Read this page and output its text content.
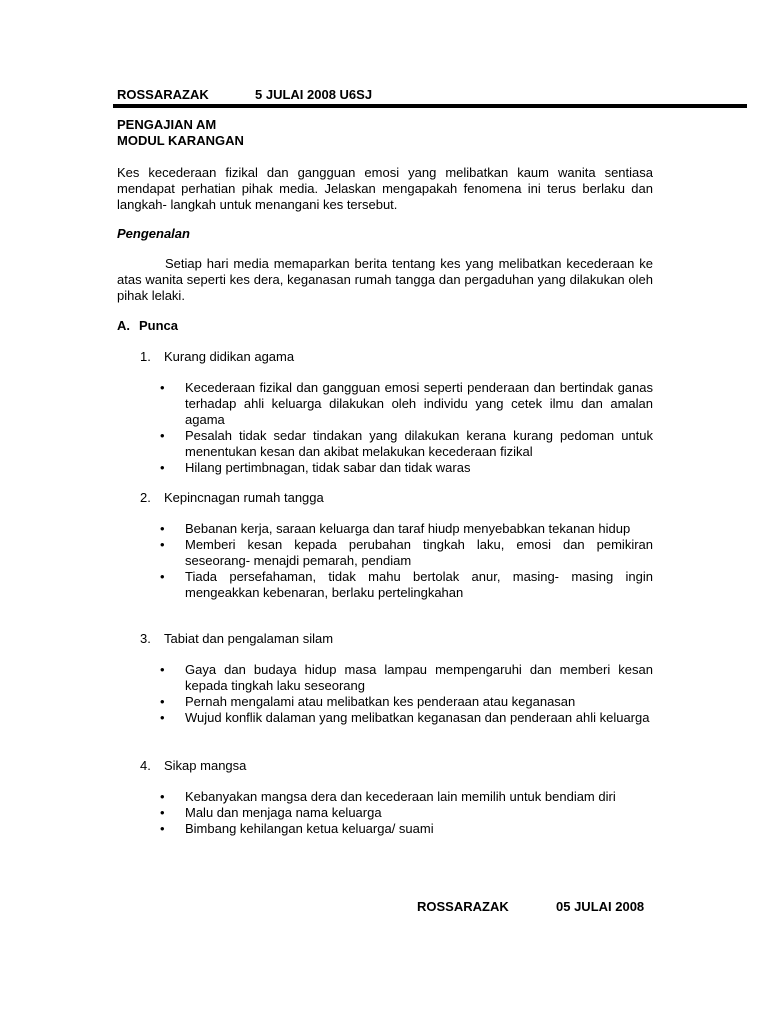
ROSSARAZAK	5 JULAI 2008 U6SJ
PENGAJIAN AM
MODUL KARANGAN
Kes kecederaan fizikal dan gangguan emosi yang melibatkan kaum wanita sentiasa mendapat perhatian pihak media. Jelaskan mengapakah fenomena ini terus berlaku dan langkah- langkah untuk menangani kes tersebut.
Pengenalan
Setiap hari media memaparkan berita tentang kes yang melibatkan kecederaan ke atas wanita seperti kes dera, keganasan rumah tangga dan pergaduhan yang dilakukan oleh pihak lelaki.
A. Punca
1. Kurang didikan agama
• Kecederaan fizikal dan gangguan emosi seperti penderaan dan bertindak ganas terhadap ahli keluarga dilakukan oleh individu yang cetek ilmu dan amalan agama
• Pesalah tidak sedar tindakan yang dilakukan kerana kurang pedoman untuk menentukan kesan dan akibat melakukan kecederaan fizikal
• Hilang pertimbnagan, tidak sabar dan tidak waras
2. Kepincnagan rumah tangga
• Bebanan kerja, saraan keluarga dan taraf hiudp menyebabkan tekanan hidup
• Memberi kesan kepada perubahan tingkah laku, emosi dan pemikiran seseorang- menajdi pemarah, pendiam
• Tiada persefahaman, tidak mahu bertolak anur, masing- masing ingin mengeakkan kebenaran, berlaku pertelingkahan
3. Tabiat dan pengalaman silam
• Gaya dan budaya hidup masa lampau mempengaruhi dan memberi kesan kepada tingkah laku seseorang
• Pernah mengalami atau melibatkan kes penderaan atau keganasan
• Wujud konflik dalaman yang melibatkan keganasan dan penderaan ahli keluarga
4. Sikap mangsa
• Kebanyakan mangsa dera dan kecederaan lain memilih untuk bendiam diri
• Malu dan menjaga nama keluarga
• Bimbang kehilangan ketua keluarga/ suami
ROSSARAZAK	05 JULAI 2008
